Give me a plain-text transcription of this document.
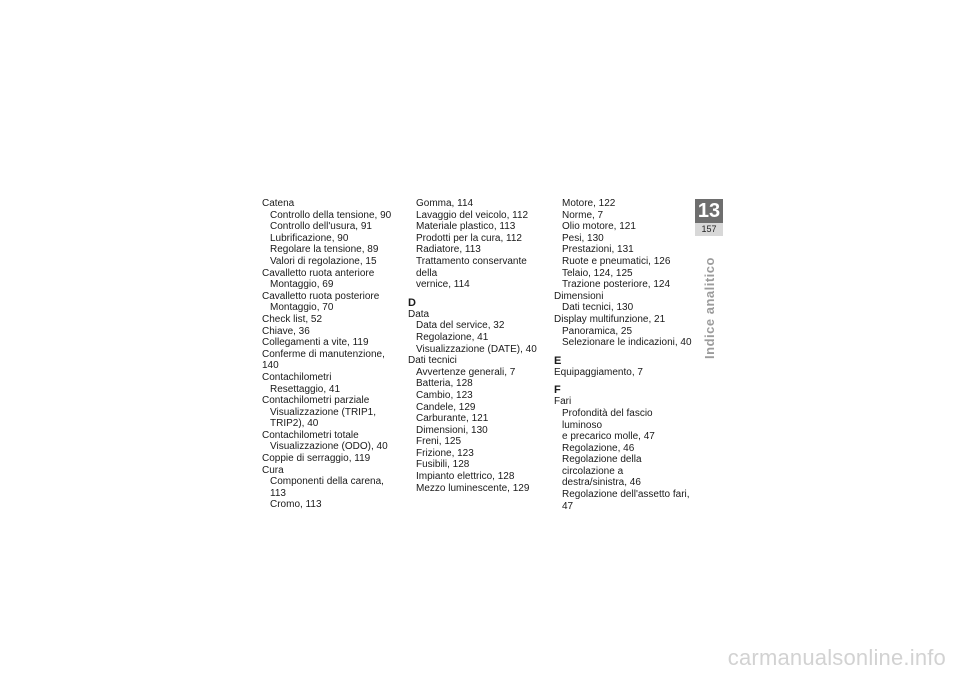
Catena
Controllo della tensione, 90
Controllo dell'usura, 91
Lubrificazione, 90
Regolare la tensione, 89
Valori di regolazione, 15
Cavalletto ruota anteriore
Montaggio, 69
Cavalletto ruota posteriore
Montaggio, 70
Check list, 52
Chiave, 36
Collegamenti a vite, 119
Conferme di manutenzione, 140
Contachilometri
Resettaggio, 41
Contachilometri parziale
Visualizzazione (TRIP1,
TRIP2), 40
Contachilometri totale
Visualizzazione (ODO), 40
Coppie di serraggio, 119
Cura
Componenti della carena, 113
Cromo, 113
Gomma, 114
Lavaggio del veicolo, 112
Materiale plastico, 113
Prodotti per la cura, 112
Radiatore, 113
Trattamento conservante della
vernice, 114
D
Data
Data del service, 32
Regolazione, 41
Visualizzazione (DATE), 40
Dati tecnici
Avvertenze generali, 7
Batteria, 128
Cambio, 123
Candele, 129
Carburante, 121
Dimensioni, 130
Freni, 125
Frizione, 123
Fusibili, 128
Impianto elettrico, 128
Mezzo luminescente, 129
Motore, 122
Norme, 7
Olio motore, 121
Pesi, 130
Prestazioni, 131
Ruote e pneumatici, 126
Telaio, 124, 125
Trazione posteriore, 124
Dimensioni
Dati tecnici, 130
Display multifunzione, 21
Panoramica, 25
Selezionare le indicazioni, 40
E
Equipaggiamento, 7
F
Fari
Profondità del fascio luminoso
e precarico molle, 47
Regolazione, 46
Regolazione della circolazione a
destra/sinistra, 46
Regolazione dell'assetto fari, 47
13
157
Indice analitico
carmanualsonline.info
